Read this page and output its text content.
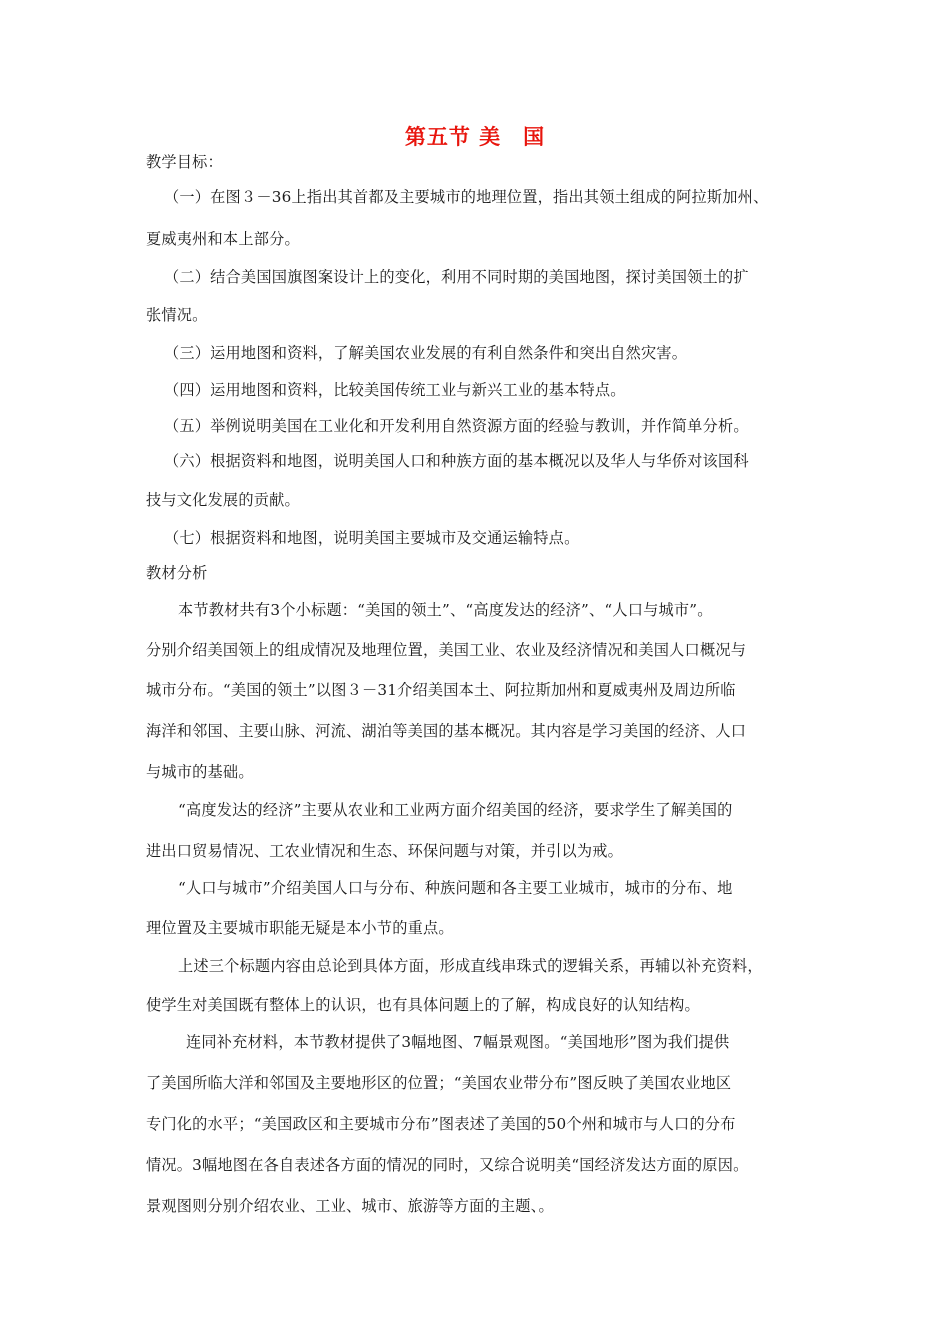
第五节 美　国
教学目标：
（一）在图３－36上指出其首都及主要城市的地理位置，指出其领土组成的阿拉斯加州、
夏威夷州和本上部分。
（二）结合美国国旗图案设计上的变化，利用不同时期的美国地图，探讨美国领土的扩
张情况。
（三）运用地图和资料，了解美国农业发展的有利自然条件和突出自然灾害。
（四）运用地图和资料，比较美国传统工业与新兴工业的基本特点。
（五）举例说明美国在工业化和开发利用自然资源方面的经验与教训，并作简单分析。
（六）根据资料和地图，说明美国人口和种族方面的基本概况以及华人与华侨对该国科
技与文化发展的贡献。
（七）根据资料和地图，说明美国主要城市及交通运输特点。
教材分析
本节教材共有3个小标题：“美国的领土”、“高度发达的经济”、“人口与城市”。
分别介绍美国领上的组成情况及地理位置，美国工业、农业及经济情况和美国人口概况与
城市分布。“美国的领土”以图３－31介绍美国本土、阿拉斯加州和夏威夷州及周边所临
海洋和邻国、主要山脉、河流、湖泊等美国的基本概况。其内容是学习美国的经济、人口
与城市的基础。
“高度发达的经济”主要从农业和工业两方面介绍美国的经济，要求学生了解美国的
进出口贸易情况、工农业情况和生态、环保问题与对策，并引以为戒。
“人口与城市”介绍美国人口与分布、种族问题和各主要工业城市，城市的分布、地
理位置及主要城市职能无疑是本小节的重点。
上述三个标题内容由总论到具体方面，形成直线串珠式的逻辑关系，再辅以补充资料，
使学生对美国既有整体上的认识，也有具体问题上的了解，构成良好的认知结构。
连同补充材料，本节教材提供了3幅地图、7幅景观图。“美国地形”图为我们提供
了美国所临大洋和邻国及主要地形区的位置；“美国农业带分布”图反映了美国农业地区
专门化的水平；“美国政区和主要城市分布”图表述了美国的50个州和城市与人口的分布
情况。3幅地图在各自表述各方面的情况的同时，又综合说明美“国经济发达方面的原因。
景观图则分别介绍农业、工业、城市、旅游等方面的主题、。
